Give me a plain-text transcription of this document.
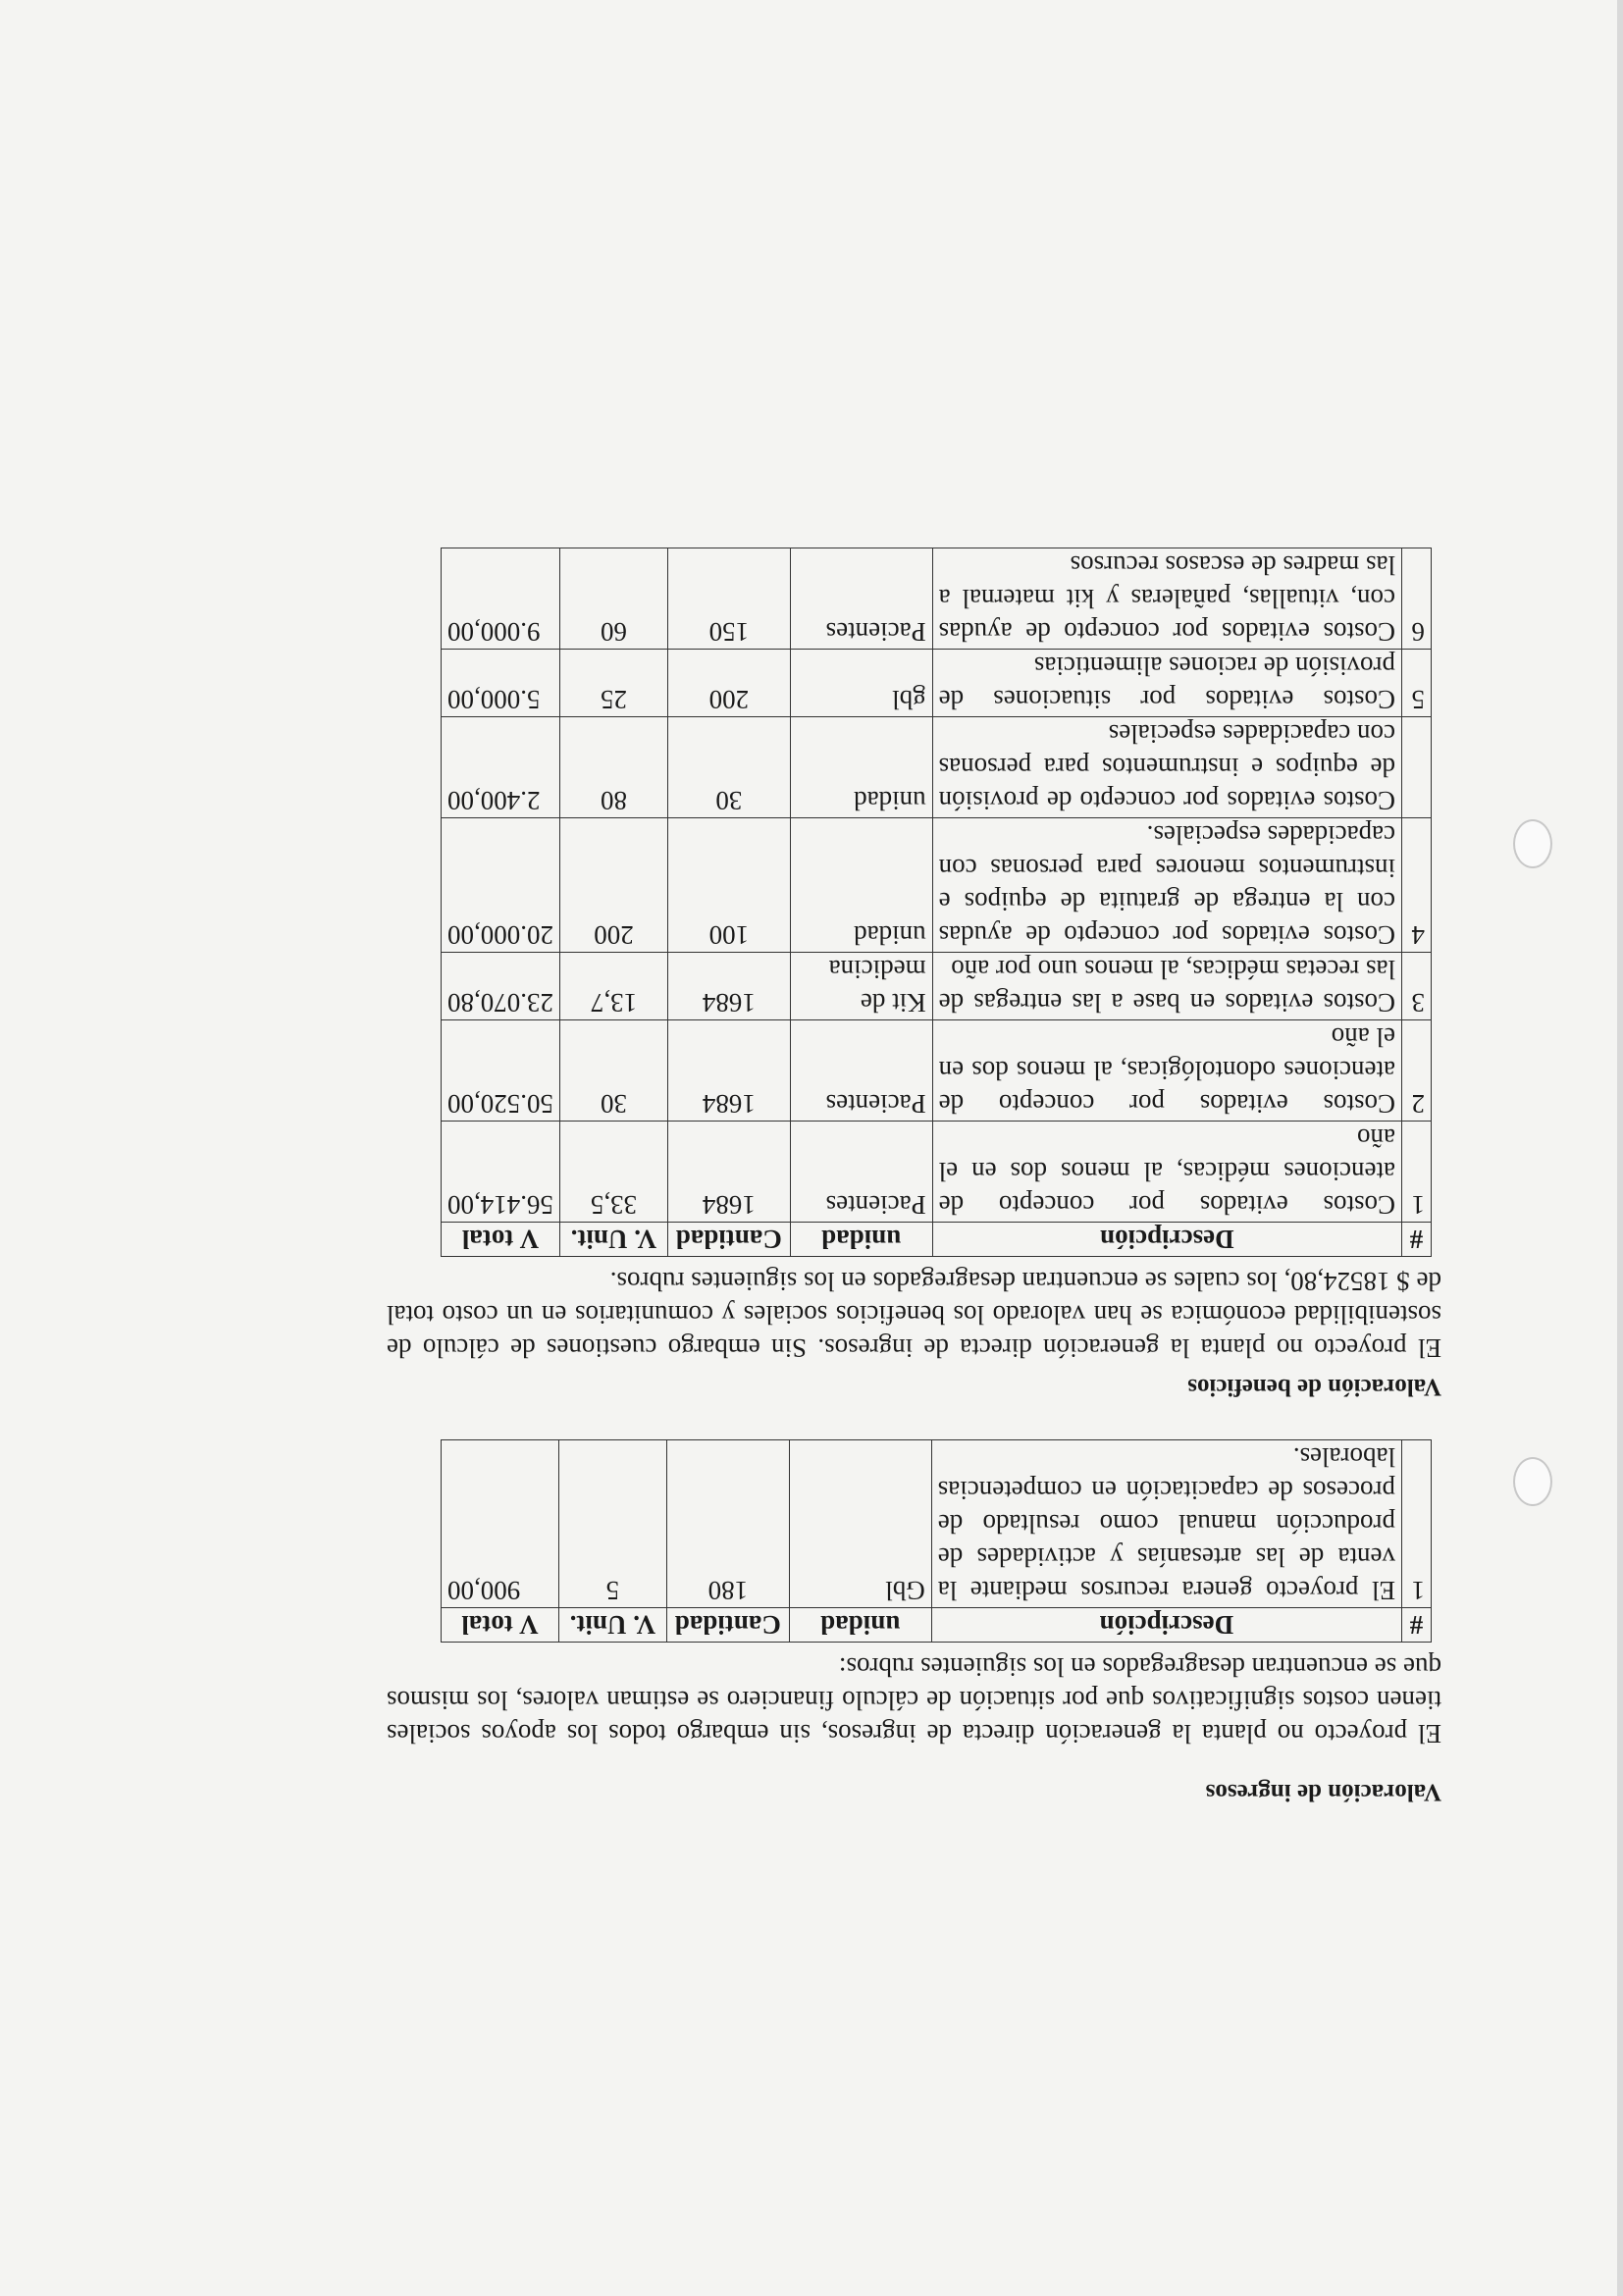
Valoración de ingresos

El proyecto no planta la generación directa de ingresos, sin embargo todos los apoyos sociales tienen costos significativos que por situación de cálculo financiero se estiman valores, los mismos que se encuentran desagregados en los siguientes rubros:

#	Descripción	unidad	Cantidad	V. Unit.	V total
1	El proyecto genera recursos mediante la venta de las artesanías y actividades de producción manual como resultado de procesos de capacitación en competencias laborales.	Gbl	180	5	900,00
Valoración de beneficios

El proyecto no planta la generación directa de ingresos. Sin embargo cuestiones de cálculo de sostenibilidad económica se han valorado los beneficios sociales y comunitarios en un costo total de $ 18524,80, los cuales se encuentran desagregados en los siguientes rubros.

#	Descripción	unidad	Cantidad	V. Unit.	V total
1	Costos evitados por concepto de atenciones médicas, al menos dos en el año	Pacientes	1684	33,5	56.414,00
2	Costos evitados por concepto de atenciones odontológicas, al menos dos en el año	Pacientes	1684	30	50.520,00
3	Costos evitados en base a las entregas de las recetas médicas, al menos uno por año	Kit de medicina	1684	13,7	23.070,80
4	Costos evitados por concepto de ayudas con la entrega de gratuita de equipos e instrumentos menores para personas con capacidades especiales.	unidad	100	200	20.000,00
	Costos evitados por concepto de provisión de equipos e instrumentos para personas con capacidades especiales	unidad	30	80	2.400,00
5	Costos evitados por situaciones de provisión de raciones alimenticias	gbl	200	25	5.000,00
6	Costos evitados por concepto de ayudas con, vituallas, pañaleras y kit maternal a las madres de escasos recursos	Pacientes	150	60	9.000,00
